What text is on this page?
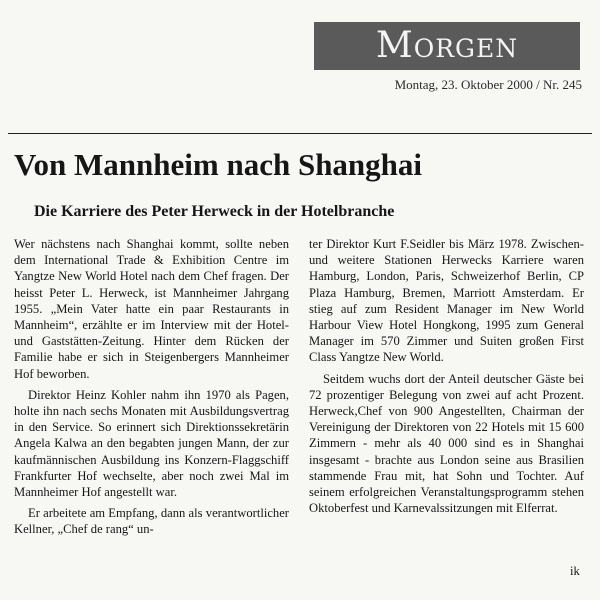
Morgen
Montag, 23. Oktober 2000 / Nr. 245
Von Mannheim nach Shanghai
Die Karriere des Peter Herweck in der Hotelbranche

Wer nächstens nach Shanghai kommt, sollte neben dem International Trade & Exhibition Centre im Yangtze New World Hotel nach dem Chef fragen. Der heisst Peter L. Herweck, ist Mannheimer Jahrgang 1955. „Mein Vater hatte ein paar Restaurants in Mannheim“, erzählte er im Interview mit der Hotel-und Gaststätten-Zeitung. Hinter dem Rücken der Familie habe er sich in Steigenbergers Mannheimer Hof beworben.

Direktor Heinz Kohler nahm ihn 1970 als Pagen, holte ihn nach sechs Monaten mit Ausbildungsvertrag in den Service. So erinnert sich Direktionssekretärin Angela Kalwa an den begabten jungen Mann, der zur kaufmännischen Ausbildung ins Konzern-Flaggschiff Frankfurter Hof wechselte, aber noch zwei Mal im Mannheimer Hof angestellt war.

Er arbeitete am Empfang, dann als verantwortlicher Kellner, „Chef de rang“ un-

ter Direktor Kurt F.Seidler bis März 1978. Zwischen- und weitere Stationen Herwecks Karriere waren Hamburg, London, Paris, Schweizerhof Berlin, CP Plaza Hamburg, Bremen, Marriott Amsterdam. Er stieg auf zum Resident Manager im New World Harbour View Hotel Hongkong, 1995 zum General Manager im 570 Zimmer und Suiten großen First Class Yangtze New World.

Seitdem wuchs dort der Anteil deutscher Gäste bei 72 prozentiger Belegung von zwei auf acht Prozent. Herweck,Chef von 900 Angestellten, Chairman der Vereinigung der Direktoren von 22 Hotels mit 15 600 Zimmern - mehr als 40 000 sind es in Shanghai insgesamt - brachte aus London seine aus Brasilien stammende Frau mit, hat Sohn und Tochter. Auf seinem erfolgreichen Veranstaltungsprogramm stehen Oktoberfest und Karnevalssitzungen mit Elferrat.

ik
